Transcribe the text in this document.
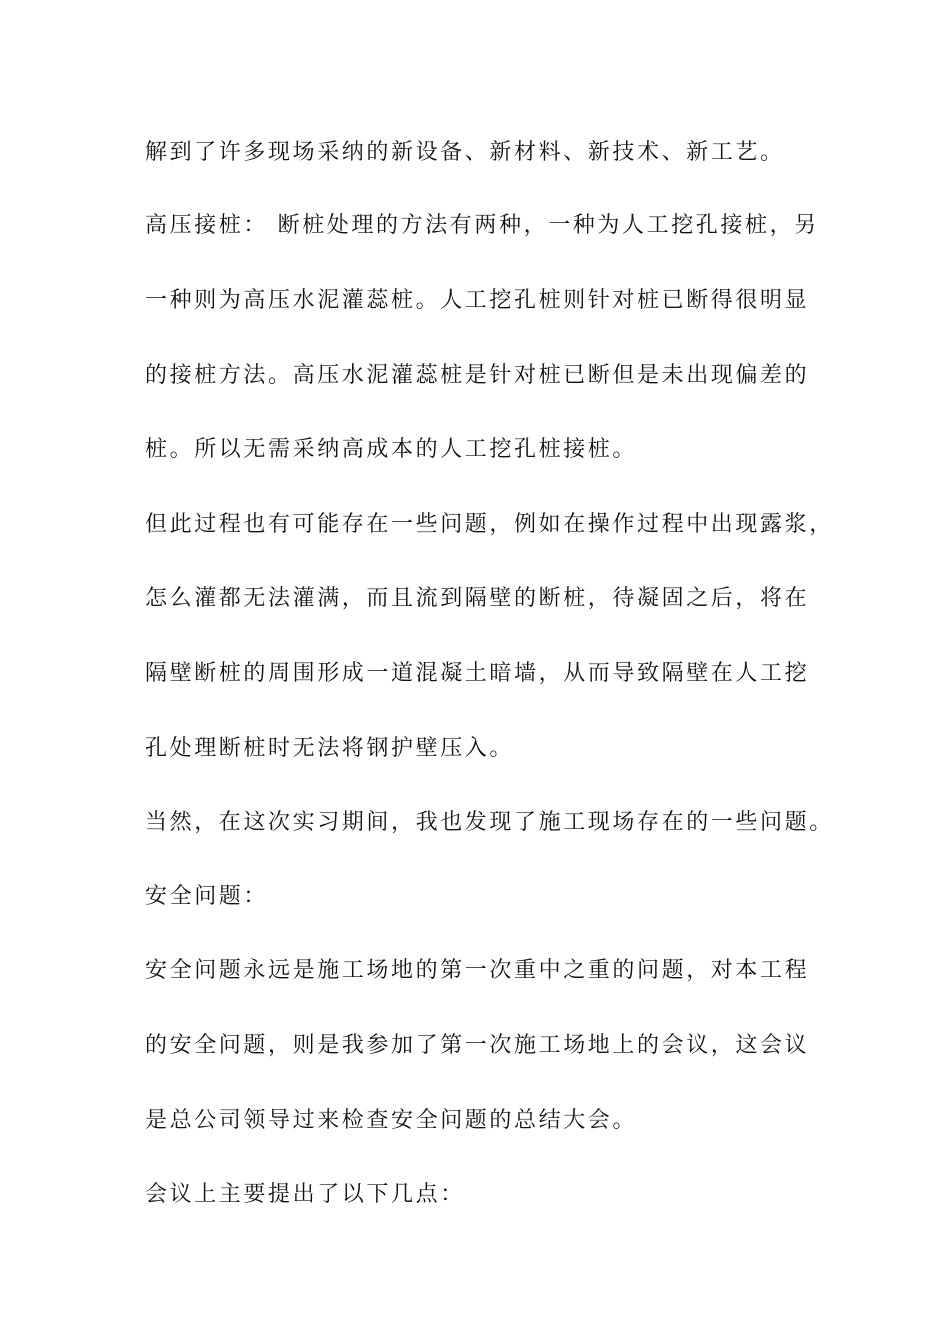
解到了许多现场采纳的新设备、新材料、新技术、新工艺。
高压接桩： 断桩处理的方法有两种，一种为人工挖孔接桩，另
一种则为高压水泥灌蕊桩。人工挖孔桩则针对桩已断得很明显
的接桩方法。高压水泥灌蕊桩是针对桩已断但是未出现偏差的
桩。所以无需采纳高成本的人工挖孔桩接桩。
但此过程也有可能存在一些问题，例如在操作过程中出现露浆，
怎么灌都无法灌满，而且流到隔壁的断桩，待凝固之后，将在
隔壁断桩的周围形成一道混凝土暗墙，从而导致隔壁在人工挖
孔处理断桩时无法将钢护壁压入。
当然，在这次实习期间，我也发现了施工现场存在的一些问题。
安全问题：
安全问题永远是施工场地的第一次重中之重的问题，对本工程
的安全问题，则是我参加了第一次施工场地上的会议，这会议
是总公司领导过来检查安全问题的总结大会。
会议上主要提出了以下几点：
